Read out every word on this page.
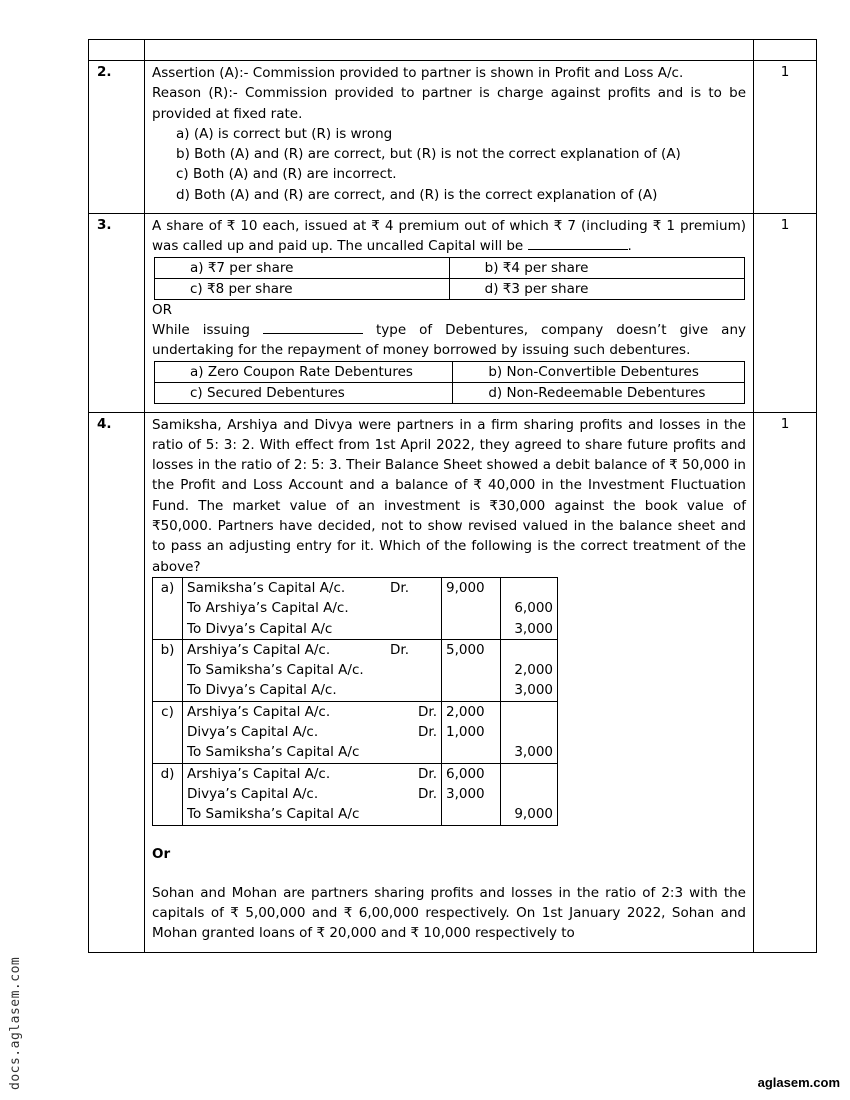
2.	Assertion (A):- Commission provided to partner is shown in Profit and Loss A/c.

Reason (R):- Commission provided to partner is charge against profits and is to be provided at fixed rate.

a) (A) is correct but (R) is wrong
b) Both (A) and (R) are correct, but (R) is not the correct explanation of (A)
c) Both (A) and (R) are incorrect.
d) Both (A) and (R) are correct, and (R) is the correct explanation of (A)
	1
3.	A share of ₹ 10 each, issued at ₹ 4 premium out of which ₹ 7 (including ₹ 1 premium) was called up and paid up. The uncalled Capital will be	.

a) ₹7 per share	b) ₹4 per share
c) ₹8 per share	d) ₹3 per share

OR

While issuing	type of Debentures, company doesn’t give any undertaking for the repayment of money borrowed by issuing such debentures.

a) Zero Coupon Rate Debentures	b) Non-Convertible Debentures
c) Secured Debentures	d) Non-Redeemable Debentures
	1
4.	Samiksha, Arshiya and Divya were partners in a firm sharing profits and losses in the ratio of 5: 3: 2. With effect from 1st April 2022, they agreed to share future profits and losses in the ratio of 2: 5: 3. Their Balance Sheet showed a debit balance of ₹ 50,000 in the Profit and Loss Account and a balance of ₹ 40,000 in the Investment Fluctuation Fund. The market value of an investment is ₹30,000 against the book value of ₹50,000. Partners have decided, not to show revised valued in the balance sheet and to pass an adjusting entry for it. Which of the following is the correct treatment of the above?

a)	Samiksha’s Capital A/c.	Dr.	9,000	
To Arshiya’s Capital A/c.		6,000
To Divya’s Capital A/c		3,000
b)	Arshiya’s Capital A/c.	Dr.	5,000	
To Samiksha’s Capital A/c.		2,000
To Divya’s Capital A/c.		3,000
c)	Arshiya’s Capital A/c.	Dr.	2,000	
Divya’s Capital A/c.	Dr.	1,000	
To Samiksha’s Capital A/c		3,000
d)	Arshiya’s Capital A/c.	Dr.	6,000	
Divya’s Capital A/c.	Dr.	3,000	
To Samiksha’s Capital A/c		9,000

Or

Sohan and Mohan are partners sharing profits and losses in the ratio of 2:3 with the capitals of ₹ 5,00,000 and ₹ 6,00,000 respectively. On 1st January 2022, Sohan and Mohan granted loans of ₹ 20,000 and ₹ 10,000 respectively to

	1
docs.aglasem.com	aglasem.com
